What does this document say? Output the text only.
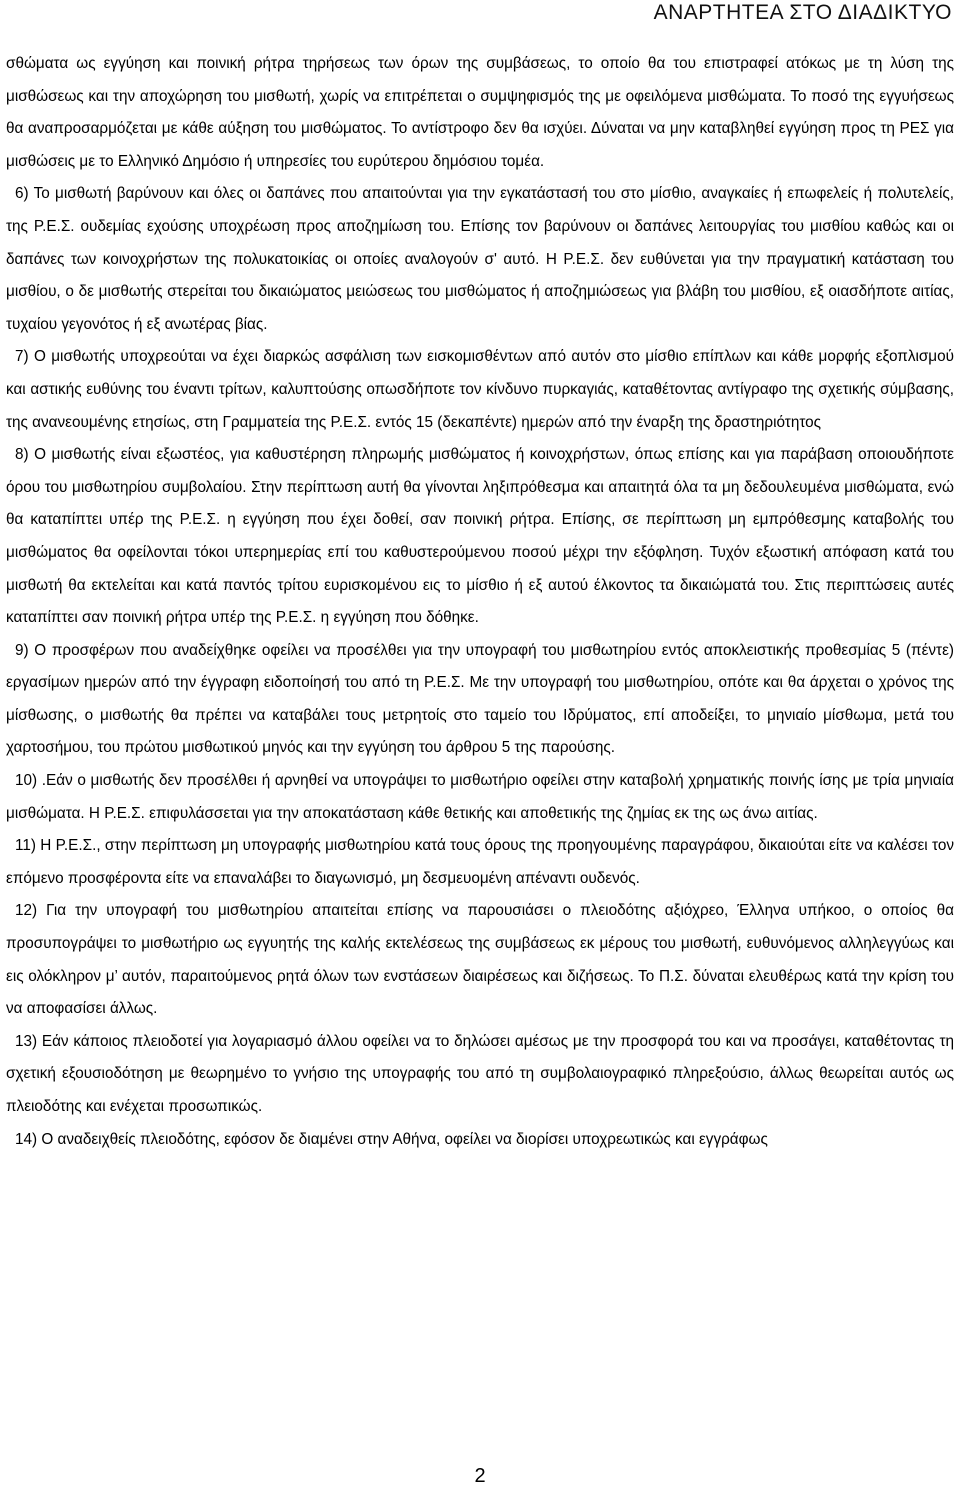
ΑΝΑΡΤΗΤΕΑ ΣΤΟ ΔΙΑΔΙΚΤΥΟ

σθώματα ως εγγύηση και ποινική ρήτρα τηρήσεως των όρων της συμβάσεως, το οποίο θα του επιστραφεί ατόκως με τη λύση της μισθώσεως και την αποχώρηση του μισθωτή, χωρίς να επιτρέπεται ο συμψηφισμός της με οφειλόμενα μισθώματα. Το ποσό της εγγυήσεως θα αναπροσαρμόζεται με κάθε αύξηση του μισθώματος. Το αντίστροφο δεν θα ισχύει. Δύναται να μην καταβληθεί εγγύηση προς τη ΡΕΣ για μισθώσεις με το Ελληνικό Δημόσιο ή υπηρεσίες του ευρύτερου δημόσιου τομέα.

6) Το μισθωτή βαρύνουν και όλες οι δαπάνες που απαιτούνται για την εγκατάστασή του στο μίσθιο, αναγκαίες ή επωφελείς ή πολυτελείς, της Ρ.Ε.Σ. ουδεμίας εχούσης υποχρέωση προς αποζημίωση του. Επίσης τον βαρύνουν οι δαπάνες λειτουργίας του μισθίου καθώς και οι δαπάνες των κοινοχρήστων της πολυκατοικίας οι οποίες αναλογούν σ' αυτό. Η Ρ.Ε.Σ. δεν ευθύνεται για την πραγματική κατάσταση του μισθίου, ο δε μισθωτής στερείται του δικαιώματος μειώσεως του μισθώματος ή αποζημιώσεως για βλάβη του μισθίου, εξ οιασδήποτε αιτίας, τυχαίου γεγονότος ή εξ ανωτέρας βίας.

7) Ο μισθωτής υποχρεούται να έχει διαρκώς ασφάλιση των εισκομισθέντων από αυτόν στο μίσθιο επίπλων και κάθε μορφής εξοπλισμού και αστικής ευθύνης του έναντι τρίτων, καλυπτούσης οπωσδήποτε τον κίνδυνο πυρκαγιάς, καταθέτοντας αντίγραφο της σχετικής σύμβασης, της ανανεουμένης ετησίως, στη Γραμματεία της Ρ.Ε.Σ. εντός 15 (δεκαπέντε) ημερών από την έναρξη της δραστηριότητος

8) Ο μισθωτής είναι εξωστέος, για καθυστέρηση πληρωμής μισθώματος ή κοινοχρήστων, όπως επίσης και για παράβαση οποιουδήποτε όρου του μισθωτηρίου συμβολαίου. Στην περίπτωση αυτή θα γίνονται ληξιπρόθεσμα και απαιτητά όλα τα μη δεδουλευμένα μισθώματα, ενώ θα καταπίπτει υπέρ της Ρ.Ε.Σ. η εγγύηση που έχει δοθεί, σαν ποινική ρήτρα. Επίσης, σε περίπτωση μη εμπρόθεσμης καταβολής του μισθώματος θα οφείλονται τόκοι υπερημερίας επί του καθυστερούμενου ποσού μέχρι την εξόφληση. Τυχόν εξωστική απόφαση κατά του μισθωτή θα εκτελείται και κατά παντός τρίτου ευρισκομένου εις το μίσθιο ή εξ αυτού έλκοντος τα δικαιώματά του. Στις περιπτώσεις αυτές καταπίπτει σαν ποινική ρήτρα υπέρ της Ρ.Ε.Σ. η εγγύηση που δόθηκε.

9) Ο προσφέρων που αναδείχθηκε οφείλει να προσέλθει για την υπογραφή του μισθωτηρίου εντός αποκλειστικής προθεσμίας 5 (πέντε) εργασίμων ημερών από την έγγραφη ειδοποίησή του από τη Ρ.Ε.Σ. Με την υπογραφή του μισθωτηρίου, οπότε και θα άρχεται ο χρόνος της μίσθωσης, ο μισθωτής θα πρέπει να καταβάλει τους μετρητοίς στο ταμείο του Ιδρύματος, επί αποδείξει, το μηνιαίο μίσθωμα, μετά του χαρτοσήμου, του πρώτου μισθωτικού μηνός και την εγγύηση του άρθρου 5 της παρούσης.

10) .Εάν ο μισθωτής δεν προσέλθει ή αρνηθεί να υπογράψει το μισθωτήριο οφείλει στην καταβολή χρηματικής ποινής ίσης με τρία μηνιαία μισθώματα. Η Ρ.Ε.Σ. επιφυλάσσεται για την αποκατάσταση κάθε θετικής και αποθετικής της ζημίας εκ της ως άνω αιτίας.

11) Η Ρ.Ε.Σ., στην περίπτωση μη υπογραφής μισθωτηρίου κατά τους όρους της προηγουμένης παραγράφου, δικαιούται είτε να καλέσει τον επόμενο προσφέροντα είτε να επαναλάβει το διαγωνισμό, μη δεσμευομένη απέναντι ουδενός.

12) Για την υπογραφή του μισθωτηρίου απαιτείται επίσης να παρουσιάσει ο πλειοδότης αξιόχρεο, Έλληνα υπήκοο, ο οποίος θα προσυπογράψει το μισθωτήριο ως εγγυητής της καλής εκτελέσεως της συμβάσεως εκ μέρους του μισθωτή, ευθυνόμενος αλληλεγγύως και εις ολόκληρον μ’ αυτόν, παραιτούμενος ρητά όλων των ενστάσεων διαιρέσεως και διζήσεως. Το Π.Σ. δύναται ελευθέρως κατά την κρίση του να αποφασίσει άλλως.

13) Εάν κάποιος πλειοδοτεί για λογαριασμό άλλου οφείλει να το δηλώσει αμέσως με την προσφορά του και να προσάγει, καταθέτοντας τη σχετική εξουσιοδότηση με θεωρημένο το γνήσιο της υπογραφής του από τη συμβολαιογραφικό πληρεξούσιο, άλλως θεωρείται αυτός ως πλειοδότης και ενέχεται προσωπικώς.

14) Ο αναδειχθείς πλειοδότης, εφόσον δε διαμένει στην Αθήνα, οφείλει να διορίσει υποχρεωτικώς και εγγράφως

2
